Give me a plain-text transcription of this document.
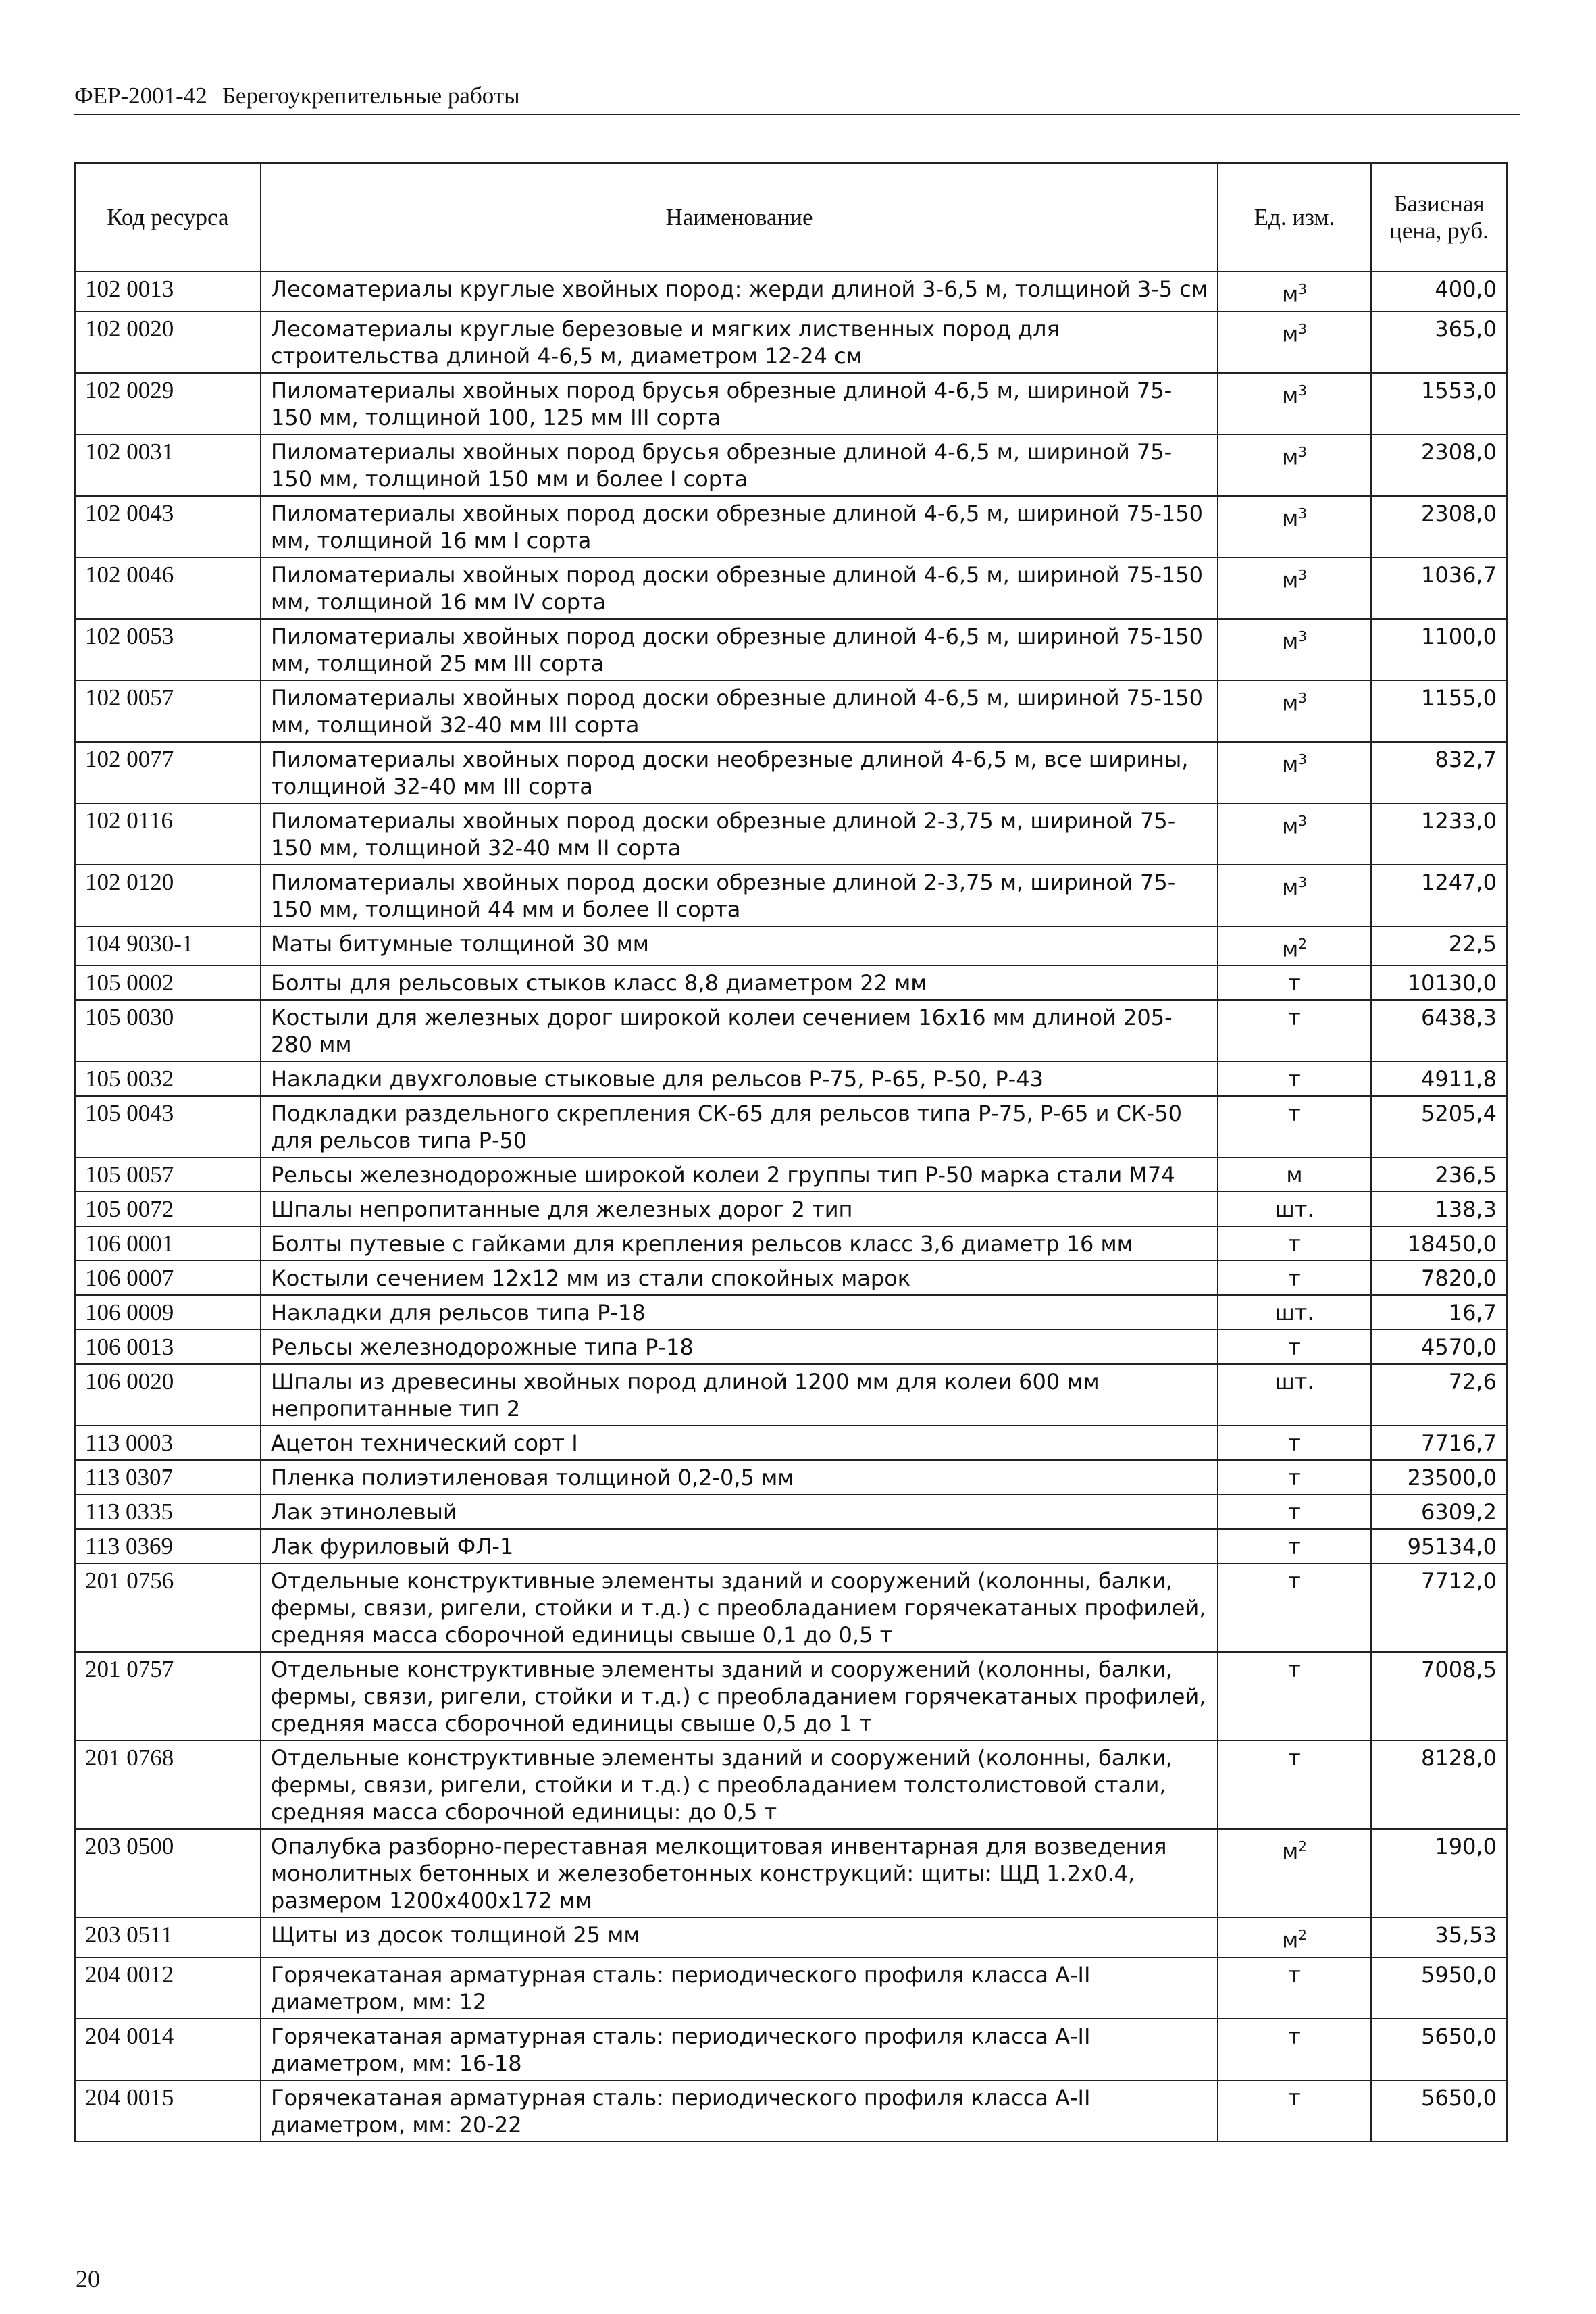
ФЕР-2001-42 Берегоукрепительные работы
Код ресурса	Наименование	Ед. изм.	Базисная цена, руб.
102 0013	Лесоматериалы круглые хвойных пород: жерди длиной 3-6,5 м, толщиной 3-5 см	$м^3$	400,0
102 0020	Лесоматериалы круглые березовые и мягких лиственных пород для строительства длиной 4-6,5 м, диаметром 12-24 см	$м^3$	365,0
102 0029	Пиломатериалы хвойных пород брусья обрезные длиной 4-6,5 м, шириной 75-150 мм, толщиной 100, 125 мм III сорта	$м^3$	1553,0
102 0031	Пиломатериалы хвойных пород брусья обрезные длиной 4-6,5 м, шириной 75-150 мм, толщиной 150 мм и более I сорта	$м^3$	2308,0
102 0043	Пиломатериалы хвойных пород доски обрезные длиной 4-6,5 м, шириной 75-150 мм, толщиной 16 мм I сорта	$м^3$	2308,0
102 0046	Пиломатериалы хвойных пород доски обрезные длиной 4-6,5 м, шириной 75-150 мм, толщиной 16 мм IV сорта	$м^3$	1036,7
102 0053	Пиломатериалы хвойных пород доски обрезные длиной 4-6,5 м, шириной 75-150 мм, толщиной 25 мм III сорта	$м^3$	1100,0
102 0057	Пиломатериалы хвойных пород доски обрезные длиной 4-6,5 м, шириной 75-150 мм, толщиной 32-40 мм III сорта	$м^3$	1155,0
102 0077	Пиломатериалы хвойных пород доски необрезные длиной 4-6,5 м, все ширины, толщиной 32-40 мм III сорта	$м^3$	832,7
102 0116	Пиломатериалы хвойных пород доски обрезные длиной 2-3,75 м, шириной 75-150 мм, толщиной 32-40 мм II сорта	$м^3$	1233,0
102 0120	Пиломатериалы хвойных пород доски обрезные длиной 2-3,75 м, шириной 75-150 мм, толщиной 44 мм и более II сорта	$м^3$	1247,0
104 9030-1	Маты битумные толщиной 30 мм	$м^2$	22,5
105 0002	Болты для рельсовых стыков класс 8,8 диаметром 22 мм	т	10130,0
105 0030	Костыли для железных дорог широкой колеи сечением 16х16 мм длиной 205-280 мм	т	6438,3
105 0032	Накладки двухголовые стыковые для рельсов Р-75, Р-65, Р-50, Р-43	т	4911,8
105 0043	Подкладки раздельного скрепления СК-65 для рельсов типа Р-75, Р-65 и СК-50 для рельсов типа Р-50	т	5205,4
105 0057	Рельсы железнодорожные широкой колеи 2 группы тип Р-50 марка стали М74	м	236,5
105 0072	Шпалы непропитанные для железных дорог 2 тип	шт.	138,3
106 0001	Болты путевые с гайками для крепления рельсов класс 3,6 диаметр 16 мм	т	18450,0
106 0007	Костыли сечением 12х12 мм из стали спокойных марок	т	7820,0
106 0009	Накладки для рельсов типа Р-18	шт.	16,7
106 0013	Рельсы железнодорожные типа Р-18	т	4570,0
106 0020	Шпалы из древесины хвойных пород длиной 1200 мм для колеи 600 мм непропитанные тип 2	шт.	72,6
113 0003	Ацетон технический сорт I	т	7716,7
113 0307	Пленка полиэтиленовая толщиной 0,2-0,5 мм	т	23500,0
113 0335	Лак этинолевый	т	6309,2
113 0369	Лак фуриловый ФЛ-1	т	95134,0
201 0756	Отдельные конструктивные элементы зданий и сооружений (колонны, балки, фермы, связи, ригели, стойки и т.д.) с преобладанием горячекатаных профилей, средняя масса сборочной единицы свыше 0,1 до 0,5 т	т	7712,0
201 0757	Отдельные конструктивные элементы зданий и сооружений (колонны, балки, фермы, связи, ригели, стойки и т.д.) с преобладанием горячекатаных профилей, средняя масса сборочной единицы свыше 0,5 до 1 т	т	7008,5
201 0768	Отдельные конструктивные элементы зданий и сооружений (колонны, балки, фермы, связи, ригели, стойки и т.д.) с преобладанием толстолистовой стали, средняя масса сборочной единицы: до 0,5 т	т	8128,0
203 0500	Опалубка разборно-переставная мелкощитовая инвентарная для возведения монолитных бетонных и железобетонных конструкций: щиты: ЩД 1.2х0.4, размером 1200х400х172 мм	$м^2$	190,0
203 0511	Щиты из досок толщиной 25 мм	$м^2$	35,53
204 0012	Горячекатаная арматурная сталь: периодического профиля класса А-II диаметром, мм: 12	т	5950,0
204 0014	Горячекатаная арматурная сталь: периодического профиля класса А-II диаметром, мм: 16-18	т	5650,0
204 0015	Горячекатаная арматурная сталь: периодического профиля класса А-II диаметром, мм: 20-22	т	5650,0
20
